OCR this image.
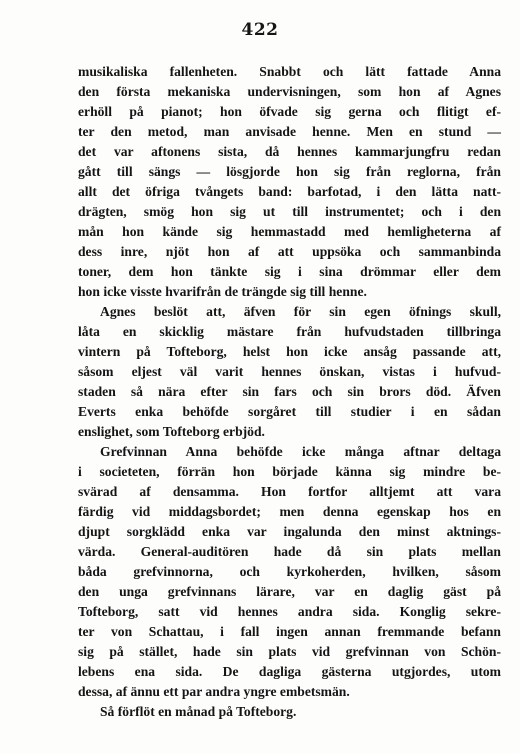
422
musikaliska fallenheten. Snabbt och lätt fattade Anna
den första mekaniska undervisningen, som hon af Agnes
erhöll på pianot; hon öfvade sig gerna och flitigt ef-
ter den metod, man anvisade henne. Men en stund —
det var aftonens sista, då hennes kammarjungfru redan
gått till sängs — lösgjorde hon sig från reglorna, från
allt det öfriga tvångets band: barfotad, i den lätta natt-
drägten, smög hon sig ut till instrumentet; och i den
mån hon kände sig hemmastadd med hemligheterna af
dess inre, njöt hon af att uppsöka och sammanbinda
toner, dem hon tänkte sig i sina drömmar eller dem
hon icke visste hvarifrån de trängde sig till henne.
Agnes beslöt att, äfven för sin egen öfnings skull,
låta en skicklig mästare från hufvudstaden tillbringa
vintern på Tofteborg, helst hon icke ansåg passande att,
såsom eljest väl varit hennes önskan, vistas i hufvud-
staden så nära efter sin fars och sin brors död. Äfven
Everts enka behöfde sorgåret till studier i en sådan
enslighet, som Tofteborg erbjöd.
Grefvinnan Anna behöfde icke många aftnar deltaga
i societeten, förrän hon började känna sig mindre be-
svärad af densamma. Hon fortfor alltjemt att vara
färdig vid middagsbordet; men denna egenskap hos en
djupt sorgklädd enka var ingalunda den minst aktnings-
värda. General-auditören hade då sin plats mellan
båda grefvinnorna, och kyrkoherden, hvilken, såsom
den unga grefvinnans lärare, var en daglig gäst på
Tofteborg, satt vid hennes andra sida. Konglig sekre-
ter von Schattau, i fall ingen annan fremmande befann
sig på stället, hade sin plats vid grefvinnan von Schön-
lebens ena sida. De dagliga gästerna utgjordes, utom
dessa, af ännu ett par andra yngre embetsmän.
Så förflöt en månad på Tofteborg.
